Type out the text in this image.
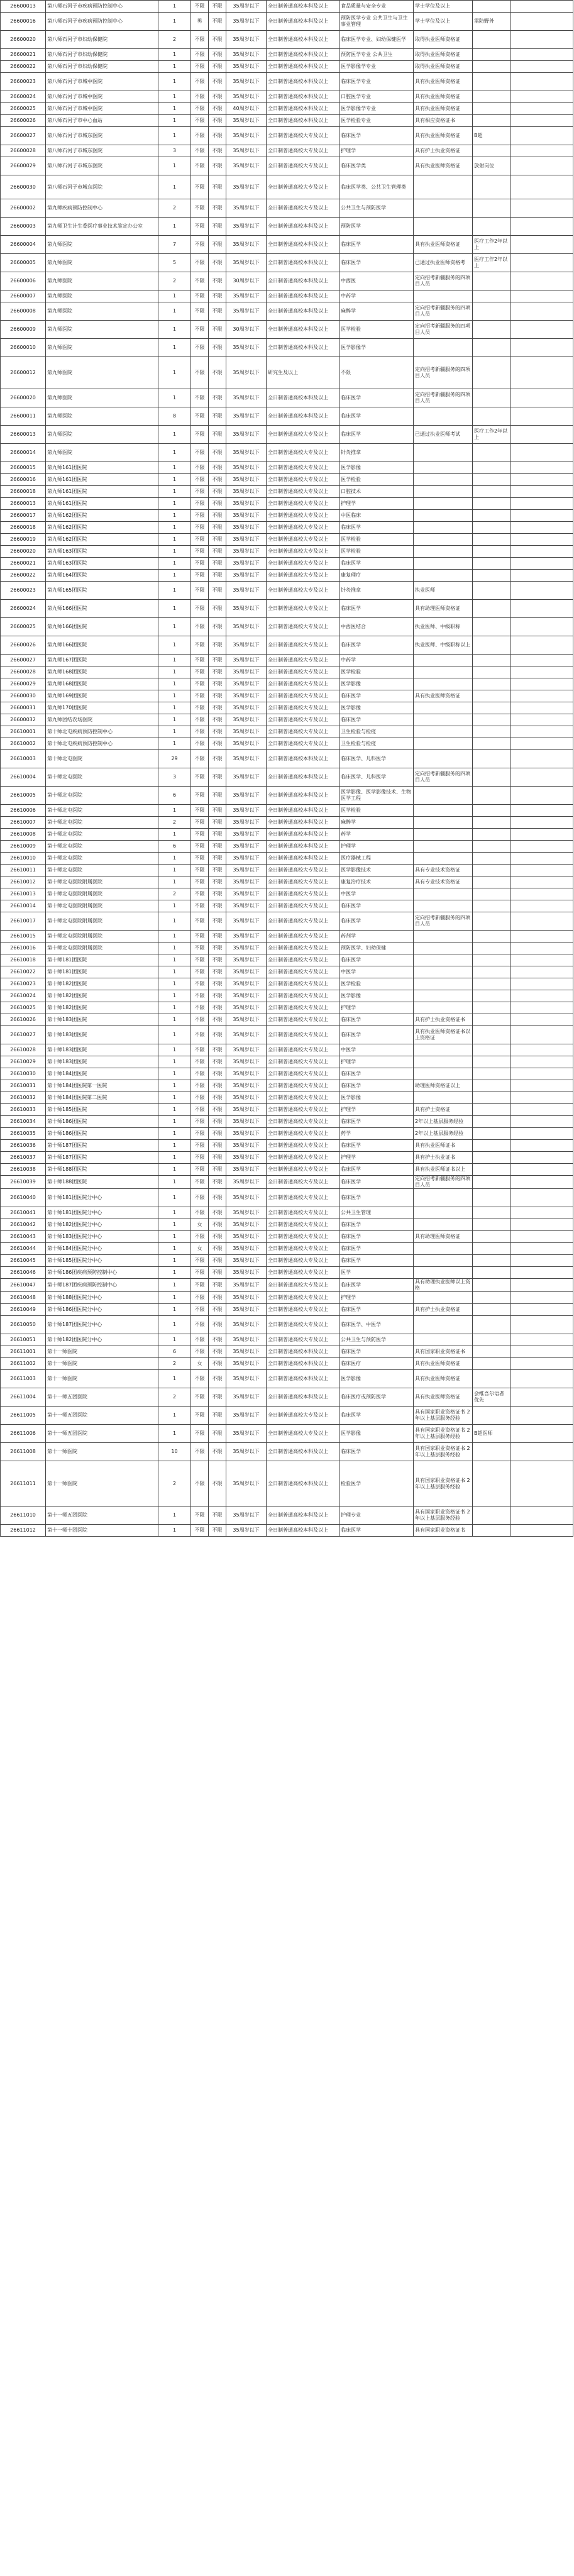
26600013	第八师石河子市疾病预防控制中心	1	不限	不限	35周岁以下	全日制普通高校本科及以上	食品质量与安全专业	学士学位及以上		
26600016	第八师石河子市疾病预防控制中心	1	男	不限	35周岁以下	全日制普通高校本科及以上	预防医学专业 公共卫生与卫生事业管理	学士学位及以上	需防野外	
26600020	第八师石河子市妇幼保健院	2	不限	不限	35周岁以下	全日制普通高校本科及以上	临床医学专业、妇幼保健医学	取得执业医师资格证		
26600021	第八师石河子市妇幼保健院	1	不限	不限	35周岁以下	全日制普通高校本科及以上	预防医学专业 公共卫生	取得执业医师资格证		
26600022	第八师石河子市妇幼保健院	1	不限	不限	35周岁以下	全日制普通高校本科及以上	医学影像学专业	取得执业医师资格证		
26600023	第八师石河子市城中医院	1	不限	不限	35周岁以下	全日制普通高校本科及以上	临床医学专业	具有执业医师资格证		
26600024	第八师石河子市城中医院	1	不限	不限	35周岁以下	全日制普通高校本科及以上	口腔医学专业	具有执业医师资格证		
26600025	第八师石河子市城中医院	1	不限	不限	40周岁以下	全日制普通高校本科及以上	医学影像学专业	具有执业医师资格证		
26600026	第八师石河子市中心血站	1	不限	不限	35周岁以下	全日制普通高校本科及以上	医学检验专业	具有相应资格证书		
26600027	第八师石河子市城东医院	1	不限	不限	35周岁以下	全日制普通高校大专及以上	临床医学	具有执业医师资格证	B超	
26600028	第八师石河子市城东医院	3	不限	不限	35周岁以下	全日制普通高校大专及以上	护理学	具有护士执业资格证		
26600029	第八师石河子市城东医院	1	不限	不限	35周岁以下	全日制普通高校大专及以上	临床医学类	具有执业医师资格证	放射岗位	
26600030	第八师石河子市城东医院	1	不限	不限	35周岁以下	全日制普通高校大专及以上	临床医学类、公共卫生管理类			
26600002	第九师疾病预防控制中心	2	不限	不限	35周岁以下	全日制普通高校大专及以上	公共卫生与预防医学			
26600003	第九师卫生计生委医疗事业技术鉴定办公室	1	不限	不限	35周岁以下	全日制普通高校本科及以上	预防医学			
26600004	第九师医院	7	不限	不限	35周岁以下	全日制普通高校本科及以上	临床医学	具有执业医师资格证	医疗工作2年以上	
26600005	第九师医院	5	不限	不限	35周岁以下	全日制普通高校本科及以上	临床医学	已通过执业医师资格考	医疗工作2年以上	
26600006	第九师医院	2	不限	不限	30周岁以下	全日制普通高校本科及以上	中西医	定向招考新疆服务的四项目人员		
26600007	第九师医院	1	不限	不限	35周岁以下	全日制普通高校本科及以上	中药学			
26600008	第九师医院	1	不限	不限	35周岁以下	全日制普通高校本科及以上	麻醉学	定向招考新疆服务的四项目人员		
26600009	第九师医院	1	不限	不限	30周岁以下	全日制普通高校本科及以上	医学检验	定向招考新疆服务的四项目人员		
26600010	第九师医院	1	不限	不限	35周岁以下	全日制普通高校本科及以上	医学影像学			
26600012	第九师医院	1	不限	不限	35周岁以下	研究生及以上	不限	定向招考新疆服务的四项目人员		
26600020	第九师医院	1	不限	不限	35周岁以下	全日制普通高校本科及以上	临床医学	定向招考新疆服务的四项目人员		
26600011	第九师医院	8	不限	不限	35周岁以下	全日制普通高校本科及以上	临床医学			
26600013	第九师医院	1	不限	不限	35周岁以下	全日制普通高校大专及以上	临床医学	已通过执业医师考试	医疗工作2年以上	
26600014	第九师医院	1	不限	不限	35周岁以下	全日制普通高校大专及以上	针灸推拿			
26600015	第九师161团医院	1	不限	不限	35周岁以下	全日制普通高校大专及以上	医学影像			
26600016	第九师161团医院	1	不限	不限	35周岁以下	全日制普通高校大专及以上	医学检验			
26600018	第九师161团医院	1	不限	不限	35周岁以下	全日制普通高校大专及以上	口腔技术			
26600013	第九师161团医院	1	不限	不限	35周岁以下	全日制普通高校大专及以上	护理学			
26600017	第九师162团医院	1	不限	不限	35周岁以下	全日制普通高校大专及以上	中医临床			
26600018	第九师162团医院	1	不限	不限	35周岁以下	全日制普通高校大专及以上	临床医学			
26600019	第九师162团医院	1	不限	不限	35周岁以下	全日制普通高校大专及以上	医学检验			
26600020	第九师163团医院	1	不限	不限	35周岁以下	全日制普通高校大专及以上	医学检验			
26600021	第九师163团医院	1	不限	不限	35周岁以下	全日制普通高校大专及以上	临床医学			
26600022	第九师164团医院	1	不限	不限	35周岁以下	全日制普通高校大专及以上	康复理疗			
26600023	第九师165团医院	1	不限	不限	35周岁以下	全日制普通高校大专及以上	针灸推拿	执业医师		
26600024	第九师166团医院	1	不限	不限	35周岁以下	全日制普通高校大专及以上	临床医学	具有助理医师资格证		
26600025	第九师166团医院	1	不限	不限	35周岁以下	全日制普通高校大专及以上	中西医结合	执业医师、中级职称		
26600026	第九师166团医院	1	不限	不限	35周岁以下	全日制普通高校大专及以上	临床医学	执业医师、中级职称以上		
26600027	第九师167团医院	1	不限	不限	35周岁以下	全日制普通高校大专及以上	中药学			
26600028	第九师168团医院	1	不限	不限	35周岁以下	全日制普通高校大专及以上	医学检验			
26600029	第九师168团医院	1	不限	不限	35周岁以下	全日制普通高校大专及以上	医学影像			
26600030	第九师169团医院	1	不限	不限	35周岁以下	全日制普通高校大专及以上	临床医学	具有执业医师资格证		
26600031	第九师170团医院	1	不限	不限	35周岁以下	全日制普通高校大专及以上	医学影像			
26600032	第九师团结农场医院	1	不限	不限	35周岁以下	全日制普通高校大专及以上	临床医学			
26610001	第十师北屯疾病预防控制中心	1	不限	不限	35周岁以下	全日制普通高校大专及以上	卫生检验与检疫			
26610002	第十师北屯疾病预防控制中心	1	不限	不限	35周岁以下	全日制普通高校大专及以上	卫生检验与检疫			
26610003	第十师北屯医院	29	不限	不限	35周岁以下	全日制普通高校本科及以上	临床医学、儿科医学			
26610004	第十师北屯医院	3	不限	不限	35周岁以下	全日制普通高校本科及以上	临床医学、儿科医学	定向招考新疆服务的四项目人员		
26610005	第十师北屯医院	6	不限	不限	35周岁以下	全日制普通高校本科及以上	医学影像、医学影像技术、生物医学工程			
26610006	第十师北屯医院	1	不限	不限	35周岁以下	全日制普通高校本科及以上	医学检验			
26610007	第十师北屯医院	2	不限	不限	35周岁以下	全日制普通高校本科及以上	麻醉学			
26610008	第十师北屯医院	1	不限	不限	35周岁以下	全日制普通高校本科及以上	药学			
26610009	第十师北屯医院	6	不限	不限	35周岁以下	全日制普通高校本科及以上	护理学			
26610010	第十师北屯医院	1	不限	不限	35周岁以下	全日制普通高校本科及以上	医疗器械工程			
26610011	第十师北屯医院	1	不限	不限	35周岁以下	全日制普通高校大专及以上	医学影像技术	具有专业技术资格证		
26610012	第十师北屯医院附属医院	1	不限	不限	35周岁以下	全日制普通高校大专及以上	康复治疗技术	具有专业技术资格证		
26610013	第十师北屯医院附属医院	2	不限	不限	35周岁以下	全日制普通高校大专及以上	中医学			
26610014	第十师北屯医院附属医院	1	不限	不限	35周岁以下	全日制普通高校大专及以上	临床医学			
26610017	第十师北屯医院附属医院	1	不限	不限	35周岁以下	全日制普通高校大专及以上	临床医学	定向招考新疆服务的四项目人员		
26610015	第十师北屯医院附属医院	1	不限	不限	35周岁以下	全日制普通高校大专及以上	药剂学			
26610016	第十师北屯医院附属医院	1	不限	不限	35周岁以下	全日制普通高校大专及以上	预防医学、妇幼保健			
26610018	第十师181团医院	1	不限	不限	35周岁以下	全日制普通高校大专及以上	临床医学			
26610022	第十师181团医院	1	不限	不限	35周岁以下	全日制普通高校大专及以上	中医学			
26610023	第十师182团医院	1	不限	不限	35周岁以下	全日制普通高校大专及以上	医学检验			
26610024	第十师182团医院	1	不限	不限	35周岁以下	全日制普通高校大专及以上	医学影像			
26610025	第十师182团医院	1	不限	不限	35周岁以下	全日制普通高校大专及以上	护理学			
26610026	第十师183团医院	1	不限	不限	35周岁以下	全日制普通高校大专及以上	临床医学	具有护士执业资格证书		
26610027	第十师183团医院	1	不限	不限	35周岁以下	全日制普通高校大专及以上	临床医学	具有执业医师资格证书以上资格证		
26610028	第十师183团医院	1	不限	不限	35周岁以下	全日制普通高校大专及以上	中医学			
26610029	第十师183团医院	1	不限	不限	35周岁以下	全日制普通高校大专及以上	护理学			
26610030	第十师184团医院	1	不限	不限	35周岁以下	全日制普通高校大专及以上	临床医学			
26610031	第十师184团医院第一医院	1	不限	不限	35周岁以下	全日制普通高校大专及以上	临床医学	助理医师资格证以上		
26610032	第十师184团医院第二医院	1	不限	不限	35周岁以下	全日制普通高校大专及以上	医学影像			
26610033	第十师185团医院	1	不限	不限	35周岁以下	全日制普通高校大专及以上	护理学	具有护士资格证		
26610034	第十师186团医院	1	不限	不限	35周岁以下	全日制普通高校大专及以上	临床医学	2年以上基层服务经验		
26610035	第十师186团医院	1	不限	不限	35周岁以下	全日制普通高校大专及以上	药学	2年以上基层服务经验		
26610036	第十师187团医院	1	不限	不限	35周岁以下	全日制普通高校大专及以上	临床医学	具有执业医师证书		
26610037	第十师187团医院	1	不限	不限	35周岁以下	全日制普通高校大专及以上	护理学	具有护士执业证书		
26610038	第十师188团医院	1	不限	不限	35周岁以下	全日制普通高校大专及以上	临床医学	具有执业医师证书以上		
26610039	第十师188团医院	1	不限	不限	35周岁以下	全日制普通高校大专及以上	临床医学	定向招考新疆服务的四项目人员		
26610040	第十师181团医院分中心	1	不限	不限	35周岁以下	全日制普通高校大专及以上	临床医学			
26610041	第十师181团医院分中心	1	不限	不限	35周岁以下	全日制普通高校大专及以上	公共卫生管理			
26610042	第十师182团医院分中心	1	女	不限	35周岁以下	全日制普通高校大专及以上	临床医学			
26610043	第十师183团医院分中心	1	不限	不限	35周岁以下	全日制普通高校大专及以上	临床医学	具有助理医师资格证		
26610044	第十师184团医院分中心	1	女	不限	35周岁以下	全日制普通高校大专及以上	临床医学			
26610045	第十师185团医院分中心	1	不限	不限	35周岁以下	全日制普通高校大专及以上	临床医学			
26610046	第十师186团疾病预防控制中心	1	不限	不限	35周岁以下	全日制普通高校大专及以上	医学			
26610047	第十师187团疾病预防控制中心	1	不限	不限	35周岁以下	全日制普通高校大专及以上	临床医学	具有助理执业医师以上资格		
26610048	第十师188团医院分中心	1	不限	不限	35周岁以下	全日制普通高校大专及以上	护理学			
26610049	第十师186团医院分中心	1	不限	不限	35周岁以下	全日制普通高校大专及以上	临床医学	具有护士执业资格证		
26610050	第十师187团医院分中心	1	不限	不限	35周岁以下	全日制普通高校大专及以上	临床医学、中医学			
26610051	第十师182团医院分中心	1	不限	不限	35周岁以下	全日制普通高校大专及以上	公共卫生与预防医学			
26611001	第十一师医院	6	不限	不限	35周岁以下	全日制普通高校本科及以上	临床医学	具有国家职业资格证书		
26611002	第十一师医院	2	女	不限	35周岁以下	全日制普通高校本科及以上	临床医疗	具有执业医师资格证		
26611003	第十一师医院	1	不限	不限	35周岁以下	全日制普通高校本科及以上	医学影像	具有执业医师资格证		
26611004	第十一师五团医院	2	不限	不限	35周岁以下	全日制普通高校本科及以上	临床医疗或预防医学	具有执业医师资格证	会维吾尔语者优先	
26611005	第十一师五团医院	1	不限	不限	35周岁以下	全日制普通高校大专及以上	临床医学	具有国家职业资格证书 2年以上基层服务经验		
26611006	第十一师五团医院	1	不限	不限	35周岁以下	全日制普通高校大专及以上	医学影像	具有国家职业资格证书 2年以上基层服务经验	B超医师	
26611008	第十一师医院	10	不限	不限	35周岁以下	全日制普通高校本科及以上	临床医学	具有国家职业资格证书 2年以上基层服务经验		
26611011	第十一师医院	2	不限	不限	35周岁以下	全日制普通高校本科及以上	检验医学	具有国家职业资格证书 2年以上基层服务经验		
26611010	第十一师五团医院	1	不限	不限	35周岁以下	全日制普通高校本科及以上	护理专业	具有国家职业资格证书 2年以上基层服务经验		
26611012	第十一师十团医院	1	不限	不限	35周岁以下	全日制普通高校本科及以上	临床医学	具有国家职业资格证书		
